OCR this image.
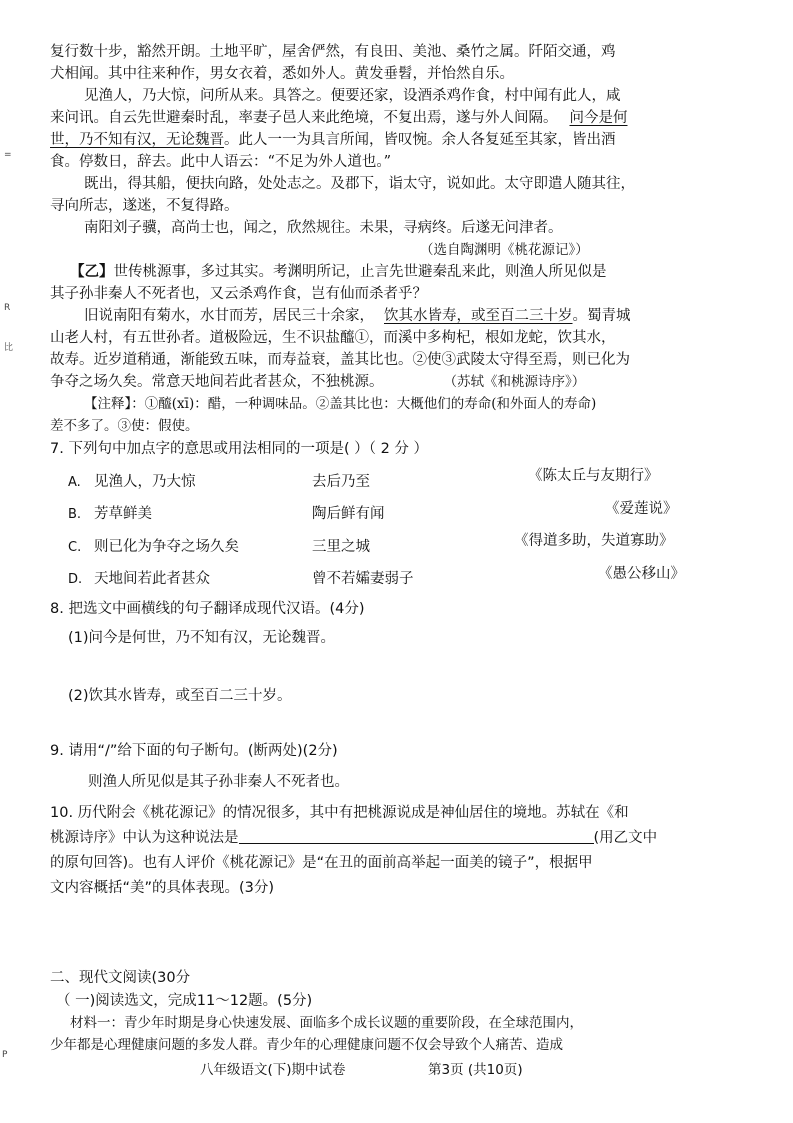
=
R
比
P
复行数十步，豁然开朗。土地平旷，屋舍俨然，有良田、美池、桑竹之属。阡陌交通，鸡
犬相闻。其中往来种作，男女衣着，悉如外人。黄发垂髫，并怡然自乐。
见渔人，乃大惊，问所从来。具答之。便要还家，设酒杀鸡作食，村中闻有此人，咸
来问讯。自云先世避秦时乱，率妻子邑人来此绝境，不复出焉，遂与外人间隔。 问今是何
世，乃不知有汉，无论魏晋。此人一一为具言所闻，皆叹惋。余人各复延至其家，皆出酒
食。停数日，辞去。此中人语云：“不足为外人道也。”
既出，得其船，便扶向路，处处志之。及郡下，诣太守，说如此。太守即遣人随其往，
寻向所志，遂迷，不复得路。
南阳刘子骥，高尚士也，闻之，欣然规往。未果，寻病终。后遂无问津者。
（选自陶渊明《桃花源记》）
【乙】世传桃源事，多过其实。考渊明所记，止言先世避秦乱来此，则渔人所见似是
其子孙非秦人不死者也，又云杀鸡作食，岂有仙而杀者乎？
旧说南阳有菊水，水甘而芳，居民三十余家， 饮其水皆寿，或至百二三十岁。蜀青城
山老人村，有五世孙者。道极险远，生不识盐醯①，而溪中多枸杞，根如龙蛇，饮其水，
故寿。近岁道稍通，渐能致五味，而寿益衰，盖其比也。②使③武陵太守得至焉，则已化为
争夺之场久矣。常意天地间若此者甚众，不独桃源。	（苏轼《和桃源诗序》）
【注释】：①醯(xī)：醋，一种调味品。②盖其比也：大概他们的寿命(和外面人的寿命)
差不多了。③使：假使。
7. 下列句中加点字的意思或用法相同的一项是( ）（ 2 分 ）
A. 见渔人，乃大惊	去后乃至	《陈太丘与友期行》
B. 芳草鲜美	陶后鲜有闻	《爱莲说》
C. 则已化为争夺之场久矣	三里之城	《得道多助，失道寡助》
D. 天地间若此者甚众	曾不若孀妻弱子	《愚公移山》
8. 把选文中画横线的句子翻译成现代汉语。(4分)
(1)问今是何世，乃不知有汉，无论魏晋。
(2)饮其水皆寿，或至百二三十岁。
9. 请用“/”给下面的句子断句。(断两处)(2分)
则渔人所见似是其子孙非秦人不死者也。
10. 历代附会《桃花源记》的情况很多，其中有把桃源说成是神仙居住的境地。苏轼在《和
桃源诗序》中认为这种说法是	(用乙文中
的原句回答)。也有人评价《桃花源记》是“在丑的面前高举起一面美的镜子”，根据甲
文内容概括“美”的具体表现。(3分)
二、现代文阅读(30分
（ 一)阅读选文，完成11～12题。(5分)
材料一：青少年时期是身心快速发展、面临多个成长议题的重要阶段，在全球范围内，
少年都是心理健康问题的多发人群。青少年的心理健康问题不仅会导致个人痛苦、造成
八年级语文(下)期中试卷	第3页 (共10页)
